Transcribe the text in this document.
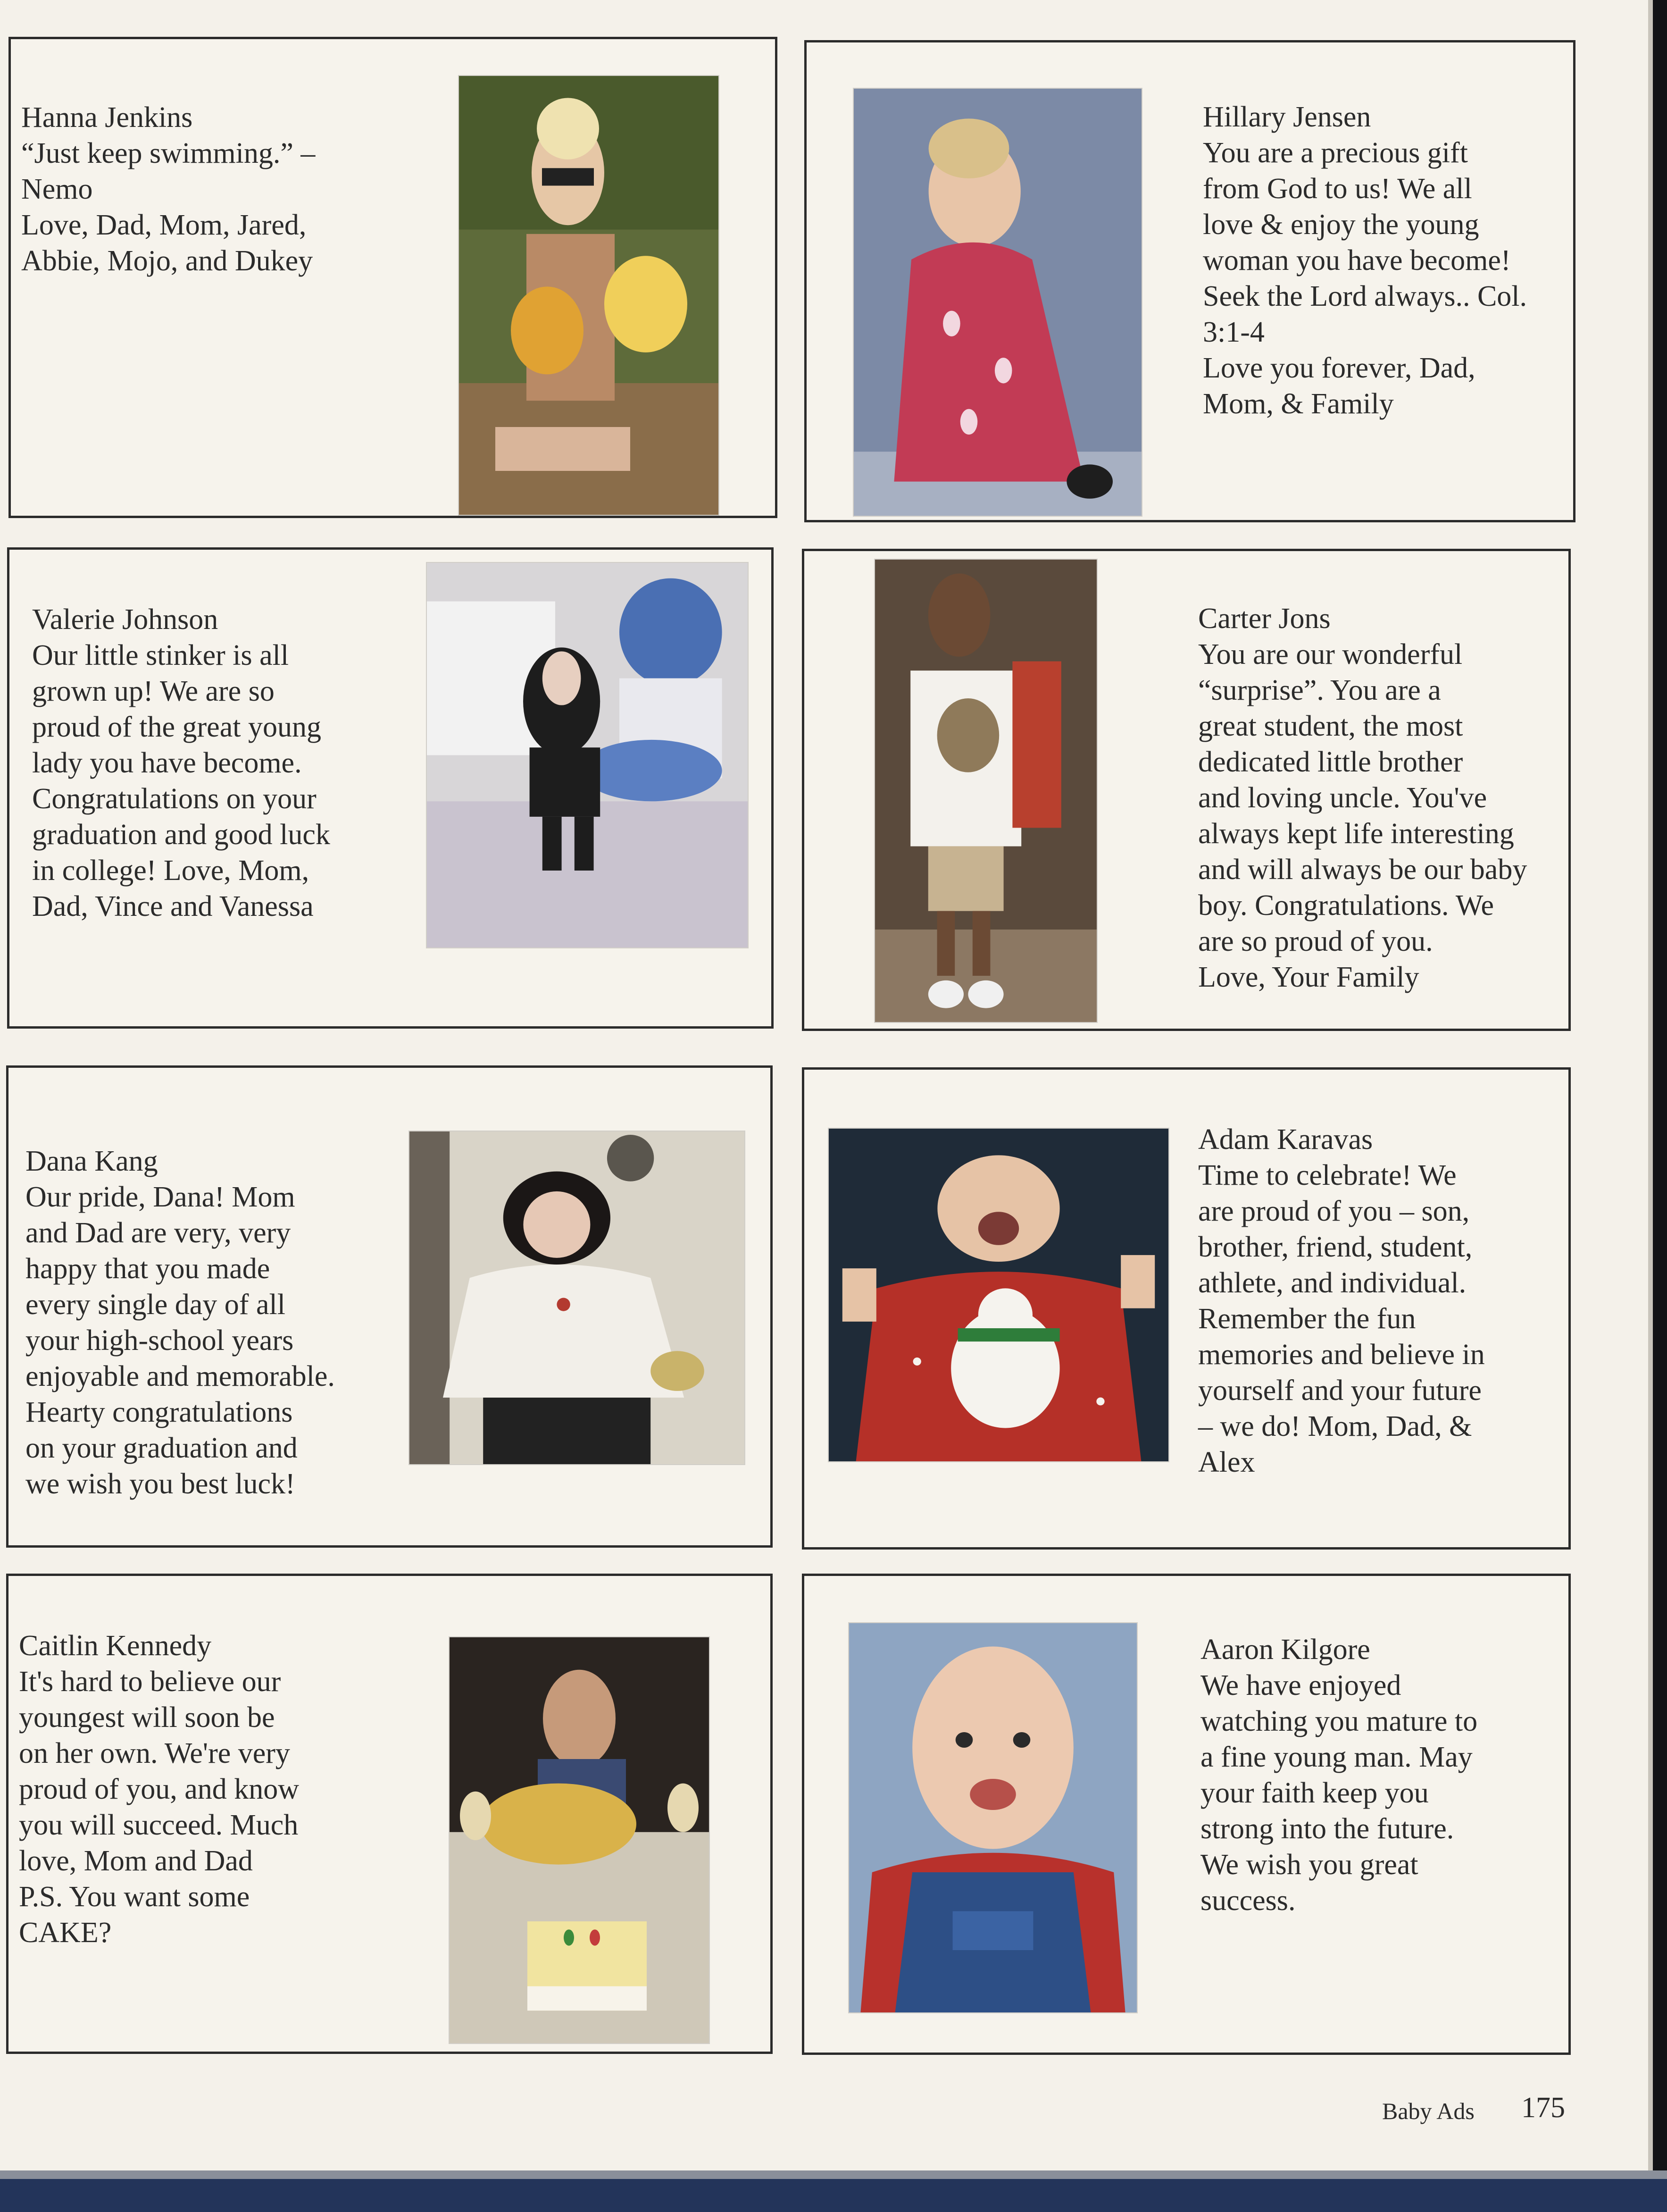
Hanna Jenkins
“Just keep swimming.” –
Nemo
Love, Dad, Mom, Jared,
Abbie, Mojo, and Dukey

Hillary Jensen
You are a precious gift
from God to us! We all
love & enjoy the young
woman you have become!
Seek the Lord always.. Col.
3:1-4
Love you forever, Dad,
Mom, & Family

Valerie Johnson
Our little stinker is all
grown up! We are so
proud of the great young
lady you have become.
Congratulations on your
graduation and good luck
in college! Love, Mom,
Dad, Vince and Vanessa

Carter Jons
You are our wonderful
“surprise”. You are a
great student, the most
dedicated little brother
and loving uncle. You've
always kept life interesting
and will always be our baby
boy. Congratulations. We
are so proud of you.
Love, Your Family

Dana Kang
Our pride, Dana! Mom
and Dad are very, very
happy that you made
every single day of all
your high-school years
enjoyable and memorable.
Hearty congratulations
on your graduation and
we wish you best luck!

Adam Karavas
Time to celebrate! We
are proud of you – son,
brother, friend, student,
athlete, and individual.
Remember the fun
memories and believe in
yourself and your future
– we do! Mom, Dad, &
Alex

Caitlin Kennedy
It's hard to believe our
youngest will soon be
on her own. We're very
proud of you, and know
you will succeed. Much
love, Mom and Dad
P.S. You want some
CAKE?

Aaron Kilgore
We have enjoyed
watching you mature to
a fine young man. May
your faith keep you
strong into the future.
We wish you great
success.

Baby Ads 175
